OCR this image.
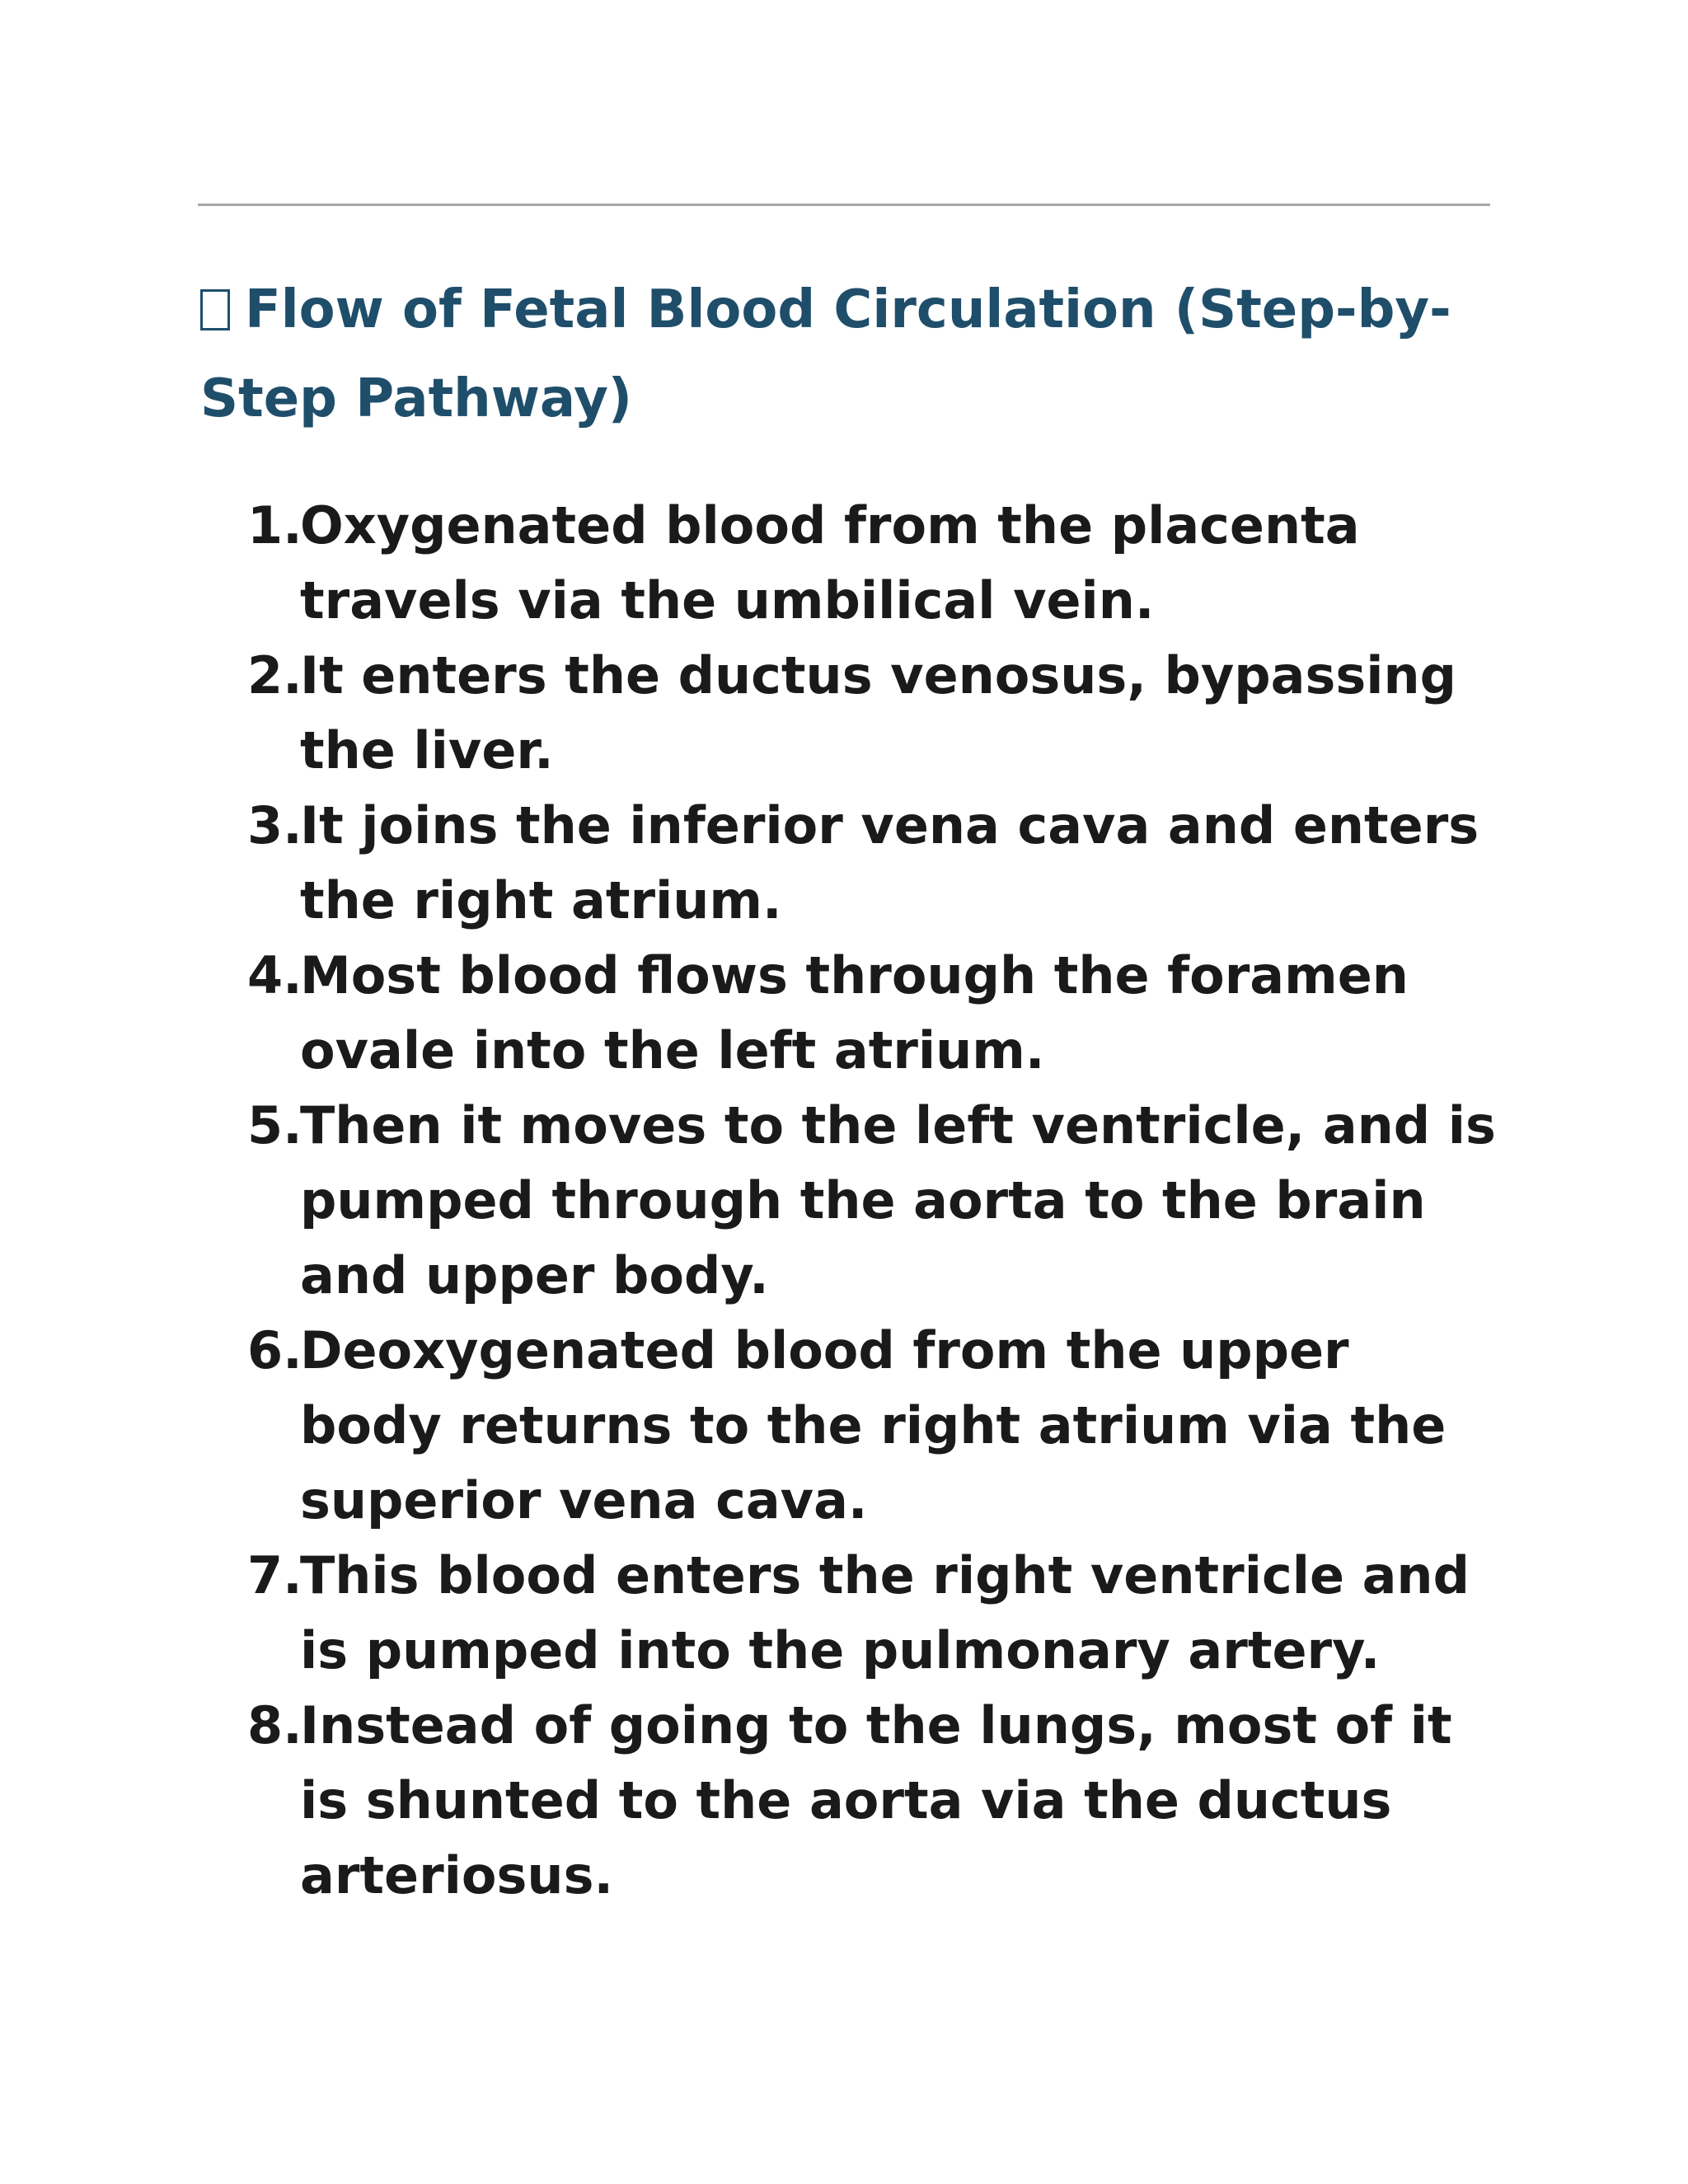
Flow of Fetal Blood Circulation (Step-by-Step Pathway)
1.
Oxygenated blood from the placenta travels via the umbilical vein.
2.
It enters the ductus venosus, bypassing the liver.
3.
It joins the inferior vena cava and enters the right atrium.
4.
Most blood flows through the foramen ovale into the left atrium.
5.
Then it moves to the left ventricle, and is pumped through the aorta to the brain and upper body.
6.
Deoxygenated blood from the upper body returns to the right atrium via the superior vena cava.
7.
This blood enters the right ventricle and is pumped into the pulmonary artery.
8.
Instead of going to the lungs, most of it is shunted to the aorta via the ductus arteriosus.
